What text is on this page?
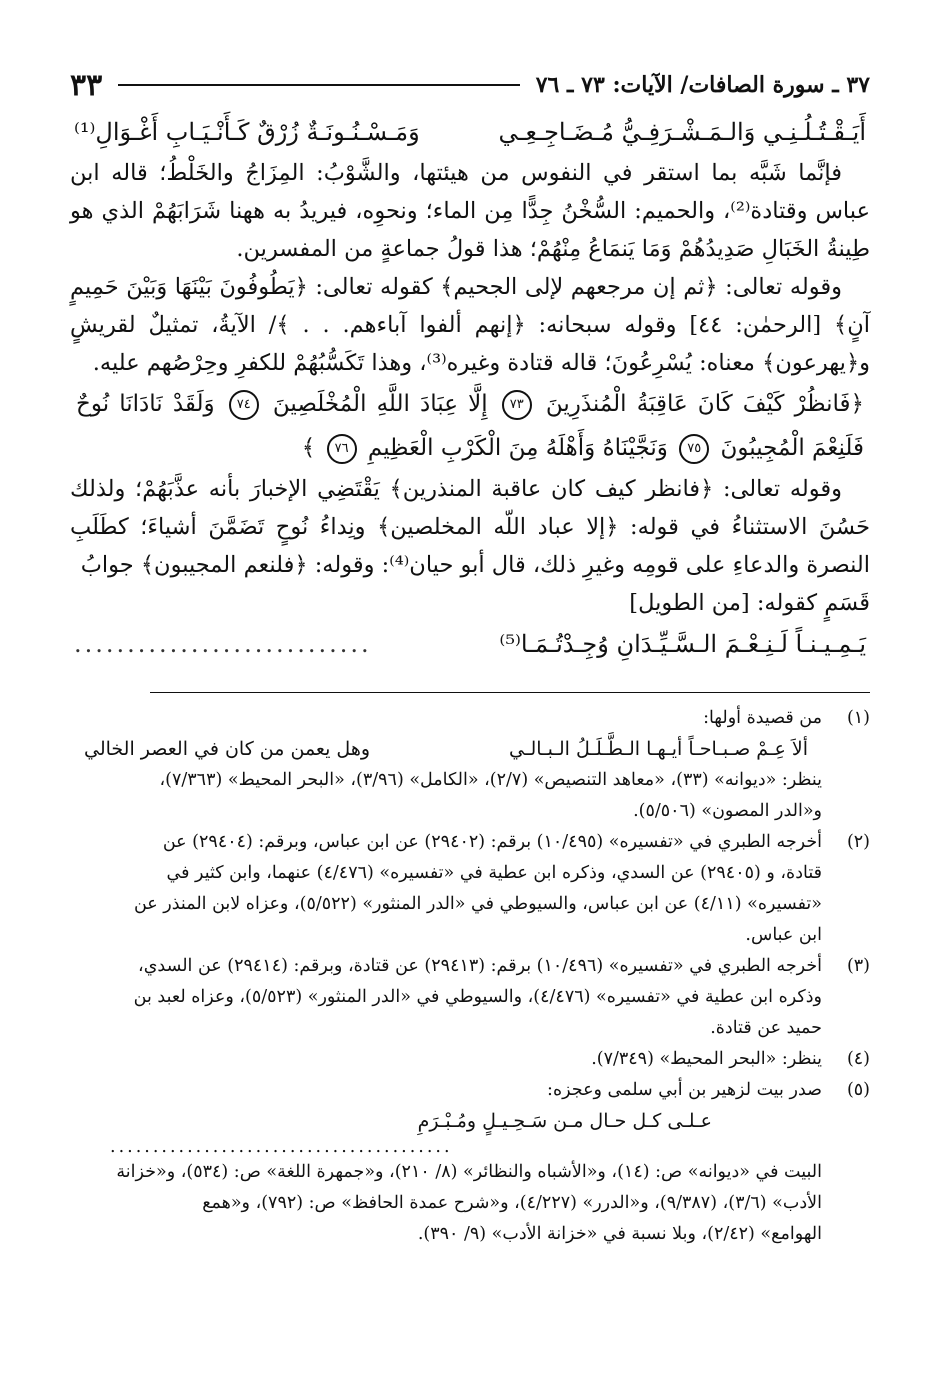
٣٧ ـ سورة الصافات/ الآيات: ٧٣ ـ ٧٦
٣٣
أَيَـقْـتُـلُـنِـي وَالـمَـشْـرَفِـيُّ مُـضَـاجِـعِـي
وَمَـسْـنُـونَـةٌ زُرْقٌ كَـأَنْـيَـابِ أَغْـوَالِ⁽¹⁾

فإنَّما شَبَّه بما استقر في النفوس من هيئتها، والشَّوْبُ: المِزَاجُ والخَلْطُ؛ قاله ابن عباس وقتادة⁽²⁾، والحميم: السُّخْنُ جِدًّا مِن الماء؛ ونحوِه، فيريدُ به ههنا شَرَابَهُمْ الذي هو طِينةُ الخَبَالِ صَدِيدُهُمْ وَمَا يَنمَاعُ مِنْهُمْ؛ هذا قولُ جماعةٍ من المفسرين.

وقوله تعالى: ﴿ثم إن مرجعهم لإلى الجحيم﴾ كقوله تعالى: ﴿يَطُوفُونَ بَيْنَهَا وَبَيْنَ حَمِيمٍ آنٍ﴾ [الرحمٰن: ٤٤] وقوله سبحانه: ﴿إنهم ألفوا آباءهم. . . ﴾/ الآيةُ، تمثيلٌ لقريشٍ و﴿يهرعون﴾ معناه: يُسْرِعُونَ؛ قاله قتادة وغيره⁽³⁾، وهذا تَكَسُّبُهُمْ للكفرِ وحِرْصُهم عليه.

﴿فَانظُرْ كَيْفَ كَانَ عَاقِبَةُ الْمُنذَرِينَ ٧٣ إِلَّا عِبَادَ اللَّهِ الْمُخْلَصِينَ ٧٤ وَلَقَدْ نَادَانَا نُوحٌ فَلَنِعْمَ الْمُجِيبُونَ ٧٥ وَنَجَّيْنَاهُ وَأَهْلَهُ مِنَ الْكَرْبِ الْعَظِيمِ ٧٦ ﴾

وقوله تعالى: ﴿فانظر كيف كان عاقبة المنذرين﴾ يَقْتَضِي الإخبارَ بأنه عذَّبَهُمْ؛ ولذلك حَسُنَ الاستثناءُ في قوله: ﴿إلا عباد اللّه المخلصين﴾ ونِداءُ نُوحٍ تَضَمَّنَ أشياءَ؛ كطَلَبِ النصرة والدعاءِ على قومِه وغيرِ ذلك، قال أبو حيان⁽⁴⁾: وقوله: ﴿فلنعم المجيبون﴾ جوابُ

قَسَمٍ كقوله: [من الطويل]

يَـمِـيـنـاً لَـنِـعْـمَ الـسَّـيِّـدَانِ وُجِـدْتُـمَـا⁽⁵⁾
............................
(١)
من قصيدة أولها:
ألاَ عِـمْ صـبـاحـاً أيـهـا الـطَّـلَـلُ الـبـالـي
وهل يعمن من كان في العصر الخالي
ينظر: «ديوانه» (٣٣)، «معاهد التنصيص» (٢/٧)، «الكامل» (٣/٩٦)، «البحر المحيط» (٧/٣٦٣)،
و«الدر المصون» (٥/٥٠٦).
(٢)
أخرجه الطبري في «تفسيره» (١٠/٤٩٥) برقم: (٢٩٤٠٢) عن ابن عباس، وبرقم: (٢٩٤٠٤) عن
قتادة، و (٢٩٤٠٥) عن السدي، وذكره ابن عطية في «تفسيره» (٤/٤٧٦) عنهما، وابن كثير في
«تفسيره» (٤/١١) عن ابن عباس، والسيوطي في «الدر المنثور» (٥/٥٢٢)، وعزاه لابن المنذر عن
ابن عباس.
(٣)
أخرجه الطبري في «تفسيره» (١٠/٤٩٦) برقم: (٢٩٤١٣) عن قتادة، وبرقم: (٢٩٤١٤) عن السدي،
وذكره ابن عطية في «تفسيره» (٤/٤٧٦)، والسيوطي في «الدر المنثور» (٥/٥٢٣)، وعزاه لعبد بن
حميد عن قتادة.
(٤)
ينظر: «البحر المحيط» (٧/٣٤٩).
(٥)
صدر بيت لزهير بن أبي سلمى وعجزه:
عـلـى كـل حـال مـن سَـحِـيـلٍ ومُـبْـرَمِ
........................................
البيت في «ديوانه» ص: (١٤)، و«الأشباه والنظائر» (٨/ ٢١٠)، و«جمهرة اللغة» ص: (٥٣٤)، و«خزانة
الأدب» (٣/٦)، (٩/٣٨٧)، و«الدرر» (٤/٢٢٧)، و«شرح عمدة الحافظ» ص: (٧٩٢)، و«همع
الهوامع» (٢/٤٢)، وبلا نسبة في «خزانة الأدب» (٩/ ٣٩٠).
